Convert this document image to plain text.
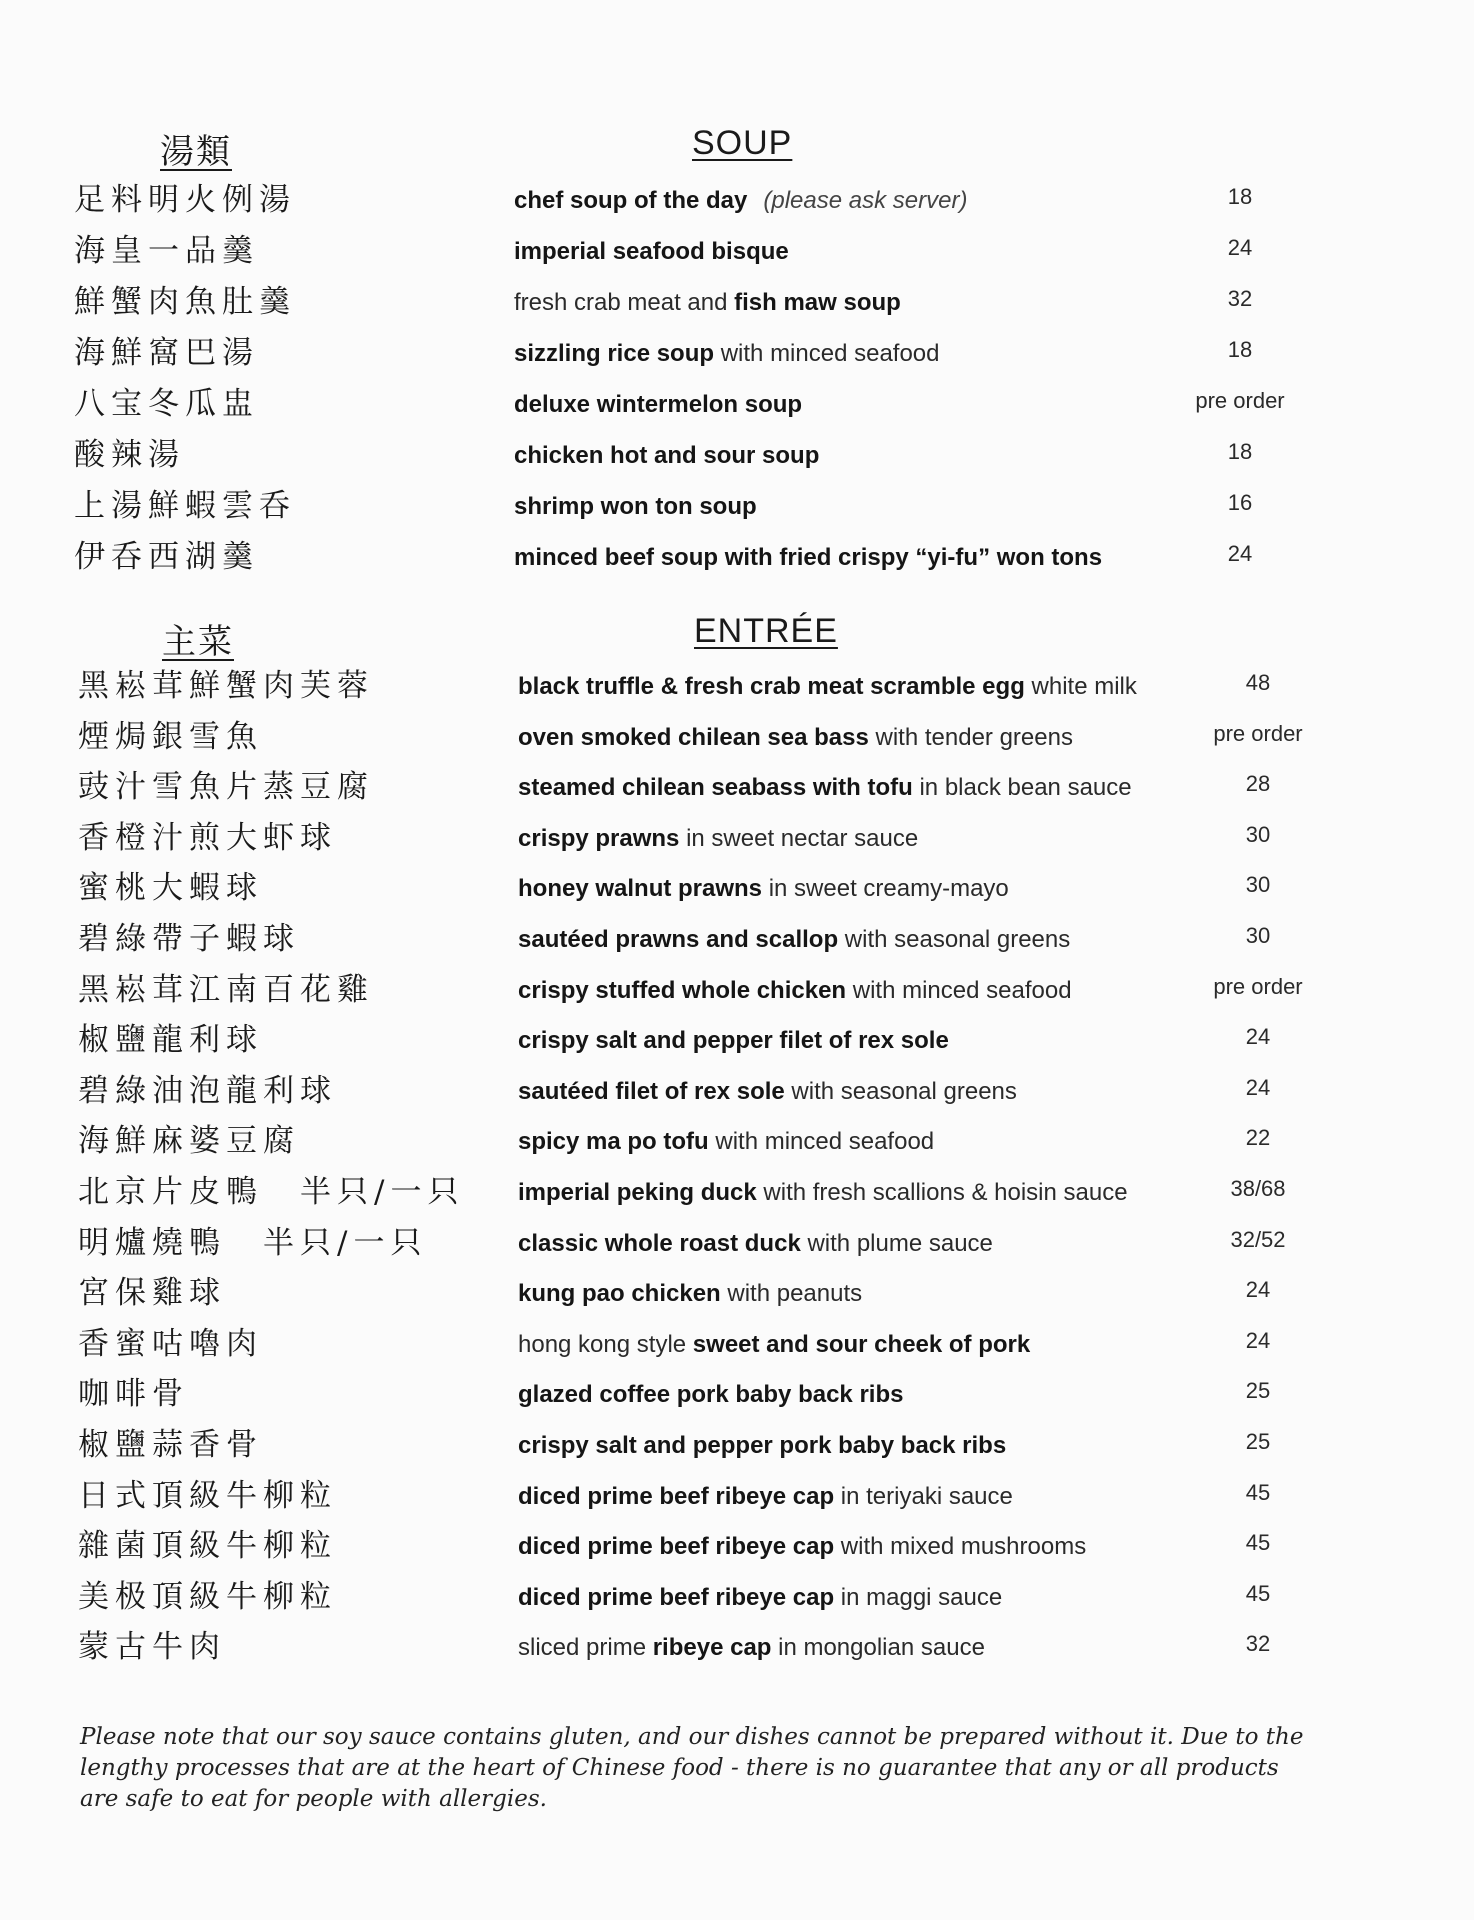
湯類	SOUP
足料明火例湯	chef soup of the day (please ask server)	18
海皇一品羹	imperial seafood bisque	24
鮮蟹肉魚肚羹	fresh crab meat and fish maw soup	32
海鮮窩巴湯	sizzling rice soup with minced seafood	18
八宝冬瓜盅	deluxe wintermelon soup	pre order
酸辣湯	chicken hot and sour soup	18
上湯鮮蝦雲呑	shrimp won ton soup	16
伊呑西湖羹	minced beef soup with fried crispy “yi-fu” won tons	24
主菜	ENTRÉE
黑崧茸鮮蟹肉芙蓉	black truffle & fresh crab meat scramble egg white milk	48
煙焗銀雪魚	oven smoked chilean sea bass with tender greens	pre order
豉汁雪魚片蒸豆腐	steamed chilean seabass with tofu in black bean sauce	28
香橙汁煎大虾球	crispy prawns in sweet nectar sauce	30
蜜桃大蝦球	honey walnut prawns in sweet creamy-mayo	30
碧綠帶子蝦球	sautéed prawns and scallop with seasonal greens	30
黑崧茸江南百花雞	crispy stuffed whole chicken with minced seafood	pre order
椒鹽龍利球	crispy salt and pepper filet of rex sole	24
碧綠油泡龍利球	sautéed filet of rex sole with seasonal greens	24
海鮮麻婆豆腐	spicy ma po tofu with minced seafood	22
北京片皮鴨　半只/一只 imperial peking duck with fresh scallions & hoisin sauce	38/68
明爐燒鴨　半只/一只	classic whole roast duck with plume sauce	32/52
宮保雞球	kung pao chicken with peanuts	24
香蜜咕嚕肉	hong kong style sweet and sour cheek of pork	24
咖啡骨	glazed coffee pork baby back ribs	25
椒鹽蒜香骨	crispy salt and pepper pork baby back ribs	25
日式頂級牛柳粒	diced prime beef ribeye cap in teriyaki sauce	45
雜菌頂級牛柳粒	diced prime beef ribeye cap with mixed mushrooms	45
美极頂級牛柳粒	diced prime beef ribeye cap in maggi sauce	45
蒙古牛肉	sliced prime ribeye cap in mongolian sauce	32
Please note that our soy sauce contains gluten, and our dishes cannot be prepared without it. Due to the lengthy processes that are at the heart of Chinese food - there is no guarantee that any or all products are safe to eat for people with allergies.
